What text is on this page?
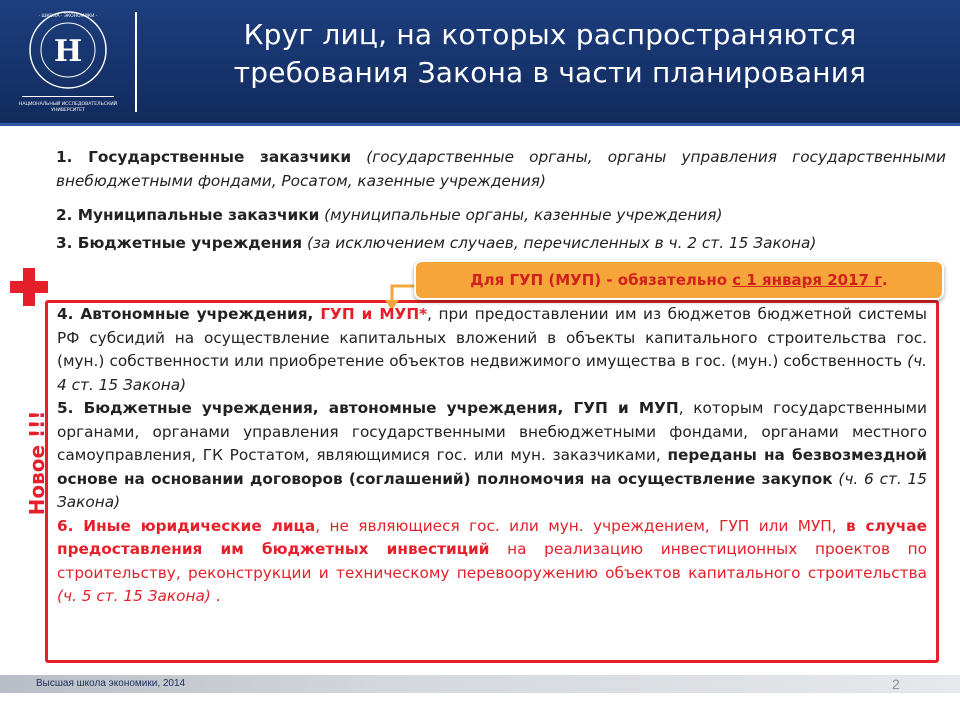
Н
· ШКОЛА · ЭКОНОМИКИ ·
НАЦИОНАЛЬНЫЙ ИССЛЕДОВАТЕЛЬСКИЙ
УНИВЕРСИТЕТ
Круг лиц, на которых распространяются
требования Закона в части планирования
1. Государственные заказчики (государственные органы, органы управления государственными внебюджетными фондами, Росатом, казенные учреждения)
2. Муниципальные заказчики (муниципальные органы, казенные учреждения)
3. Бюджетные учреждения (за исключением случаев, перечисленных в ч. 2 ст. 15 Закона)
Для ГУП (МУП) - обязательно с 1 января 2017 г.

4. Автономные учреждения, ГУП и МУП*, при предоставлении им из бюджетов бюджетной системы РФ субсидий на осуществление капитальных вложений в объекты капитального строительства гос. (мун.) собственности или приобретение объектов недвижимого имущества в гос. (мун.) собственность (ч. 4 ст. 15 Закона)

5. Бюджетные учреждения, автономные учреждения, ГУП и МУП, которым государственными органами, органами управления государственными внебюджетными фондами, органами местного самоуправления, ГК Ростатом, являющимися гос. или мун. заказчиками, переданы на безвозмездной основе на основании договоров (соглашений) полномочия на осуществление закупок (ч. 6 ст. 15 Закона)

6. Иные юридические лица, не являющиеся гос. или мун. учреждением, ГУП или МУП, в случае предоставления им бюджетных инвестиций на реализацию инвестиционных проектов по строительству, реконструкции и техническому перевооружению объектов капитального строительства (ч. 5 ст. 15 Закона) .

Новое !!!
Высшая школа экономики, 2014	2
